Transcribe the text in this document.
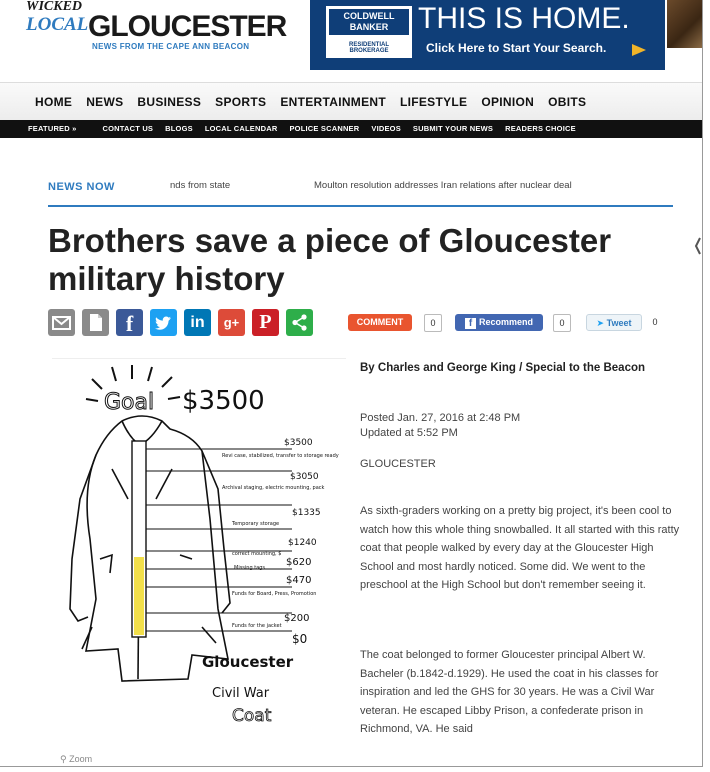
WICKED
LOCAL GLOUCESTER
NEWS FROM THE CAPE ANN BEACON
COLDWELL
BANKER
RESIDENTIAL BROKERAGE
THIS IS HOME.
Click Here to Start Your Search.
HOME NEWS BUSINESS SPORTS ENTERTAINMENT LIFESTYLE OPINION OBITS
FEATURED »	CONTACT US BLOGS LOCAL CALENDAR POLICE SCANNER VIDEOS SUBMIT YOUR NEWS READERS CHOICE
NEWS NOW	nds from state	Moulton resolution addresses Iran relations after nuclear deal
Brothers save a piece of Gloucester military history
f	in	g+	P	COMMENT	0	f Recommend	0	➤ Tweet	0
Goal $3500
$3500
Revi case, stabilized, transfer to storage ready
$3050
Archival staging, electric mounting, pack
$1335
Temporary storage
$1240
correct mounting, $
$620
Missing tags
$470
Funds for Board, Press, Promotion
$200
Funds for the jacket
$0
Gloucester
Civil War
Coat
⚲ Zoom
By Charles and George King / Special to the Beacon
Posted Jan. 27, 2016 at 2:48 PM
Updated at 5:52 PM
GLOUCESTER

As sixth-graders working on a pretty big project, it's been cool to watch how this whole thing snowballed. It all started with this ratty coat that people walked by every day at the Gloucester High School and most hardly noticed. Some did. We went to the preschool at the High School but don't remember seeing it.

The coat belonged to former Gloucester principal Albert W. Bacheler (b.1842-d.1929). He used the coat in his classes for inspiration and led the GHS for 30 years. He was a Civil War veteran. He escaped Libby Prison, a confederate prison in Richmond, VA. He said
